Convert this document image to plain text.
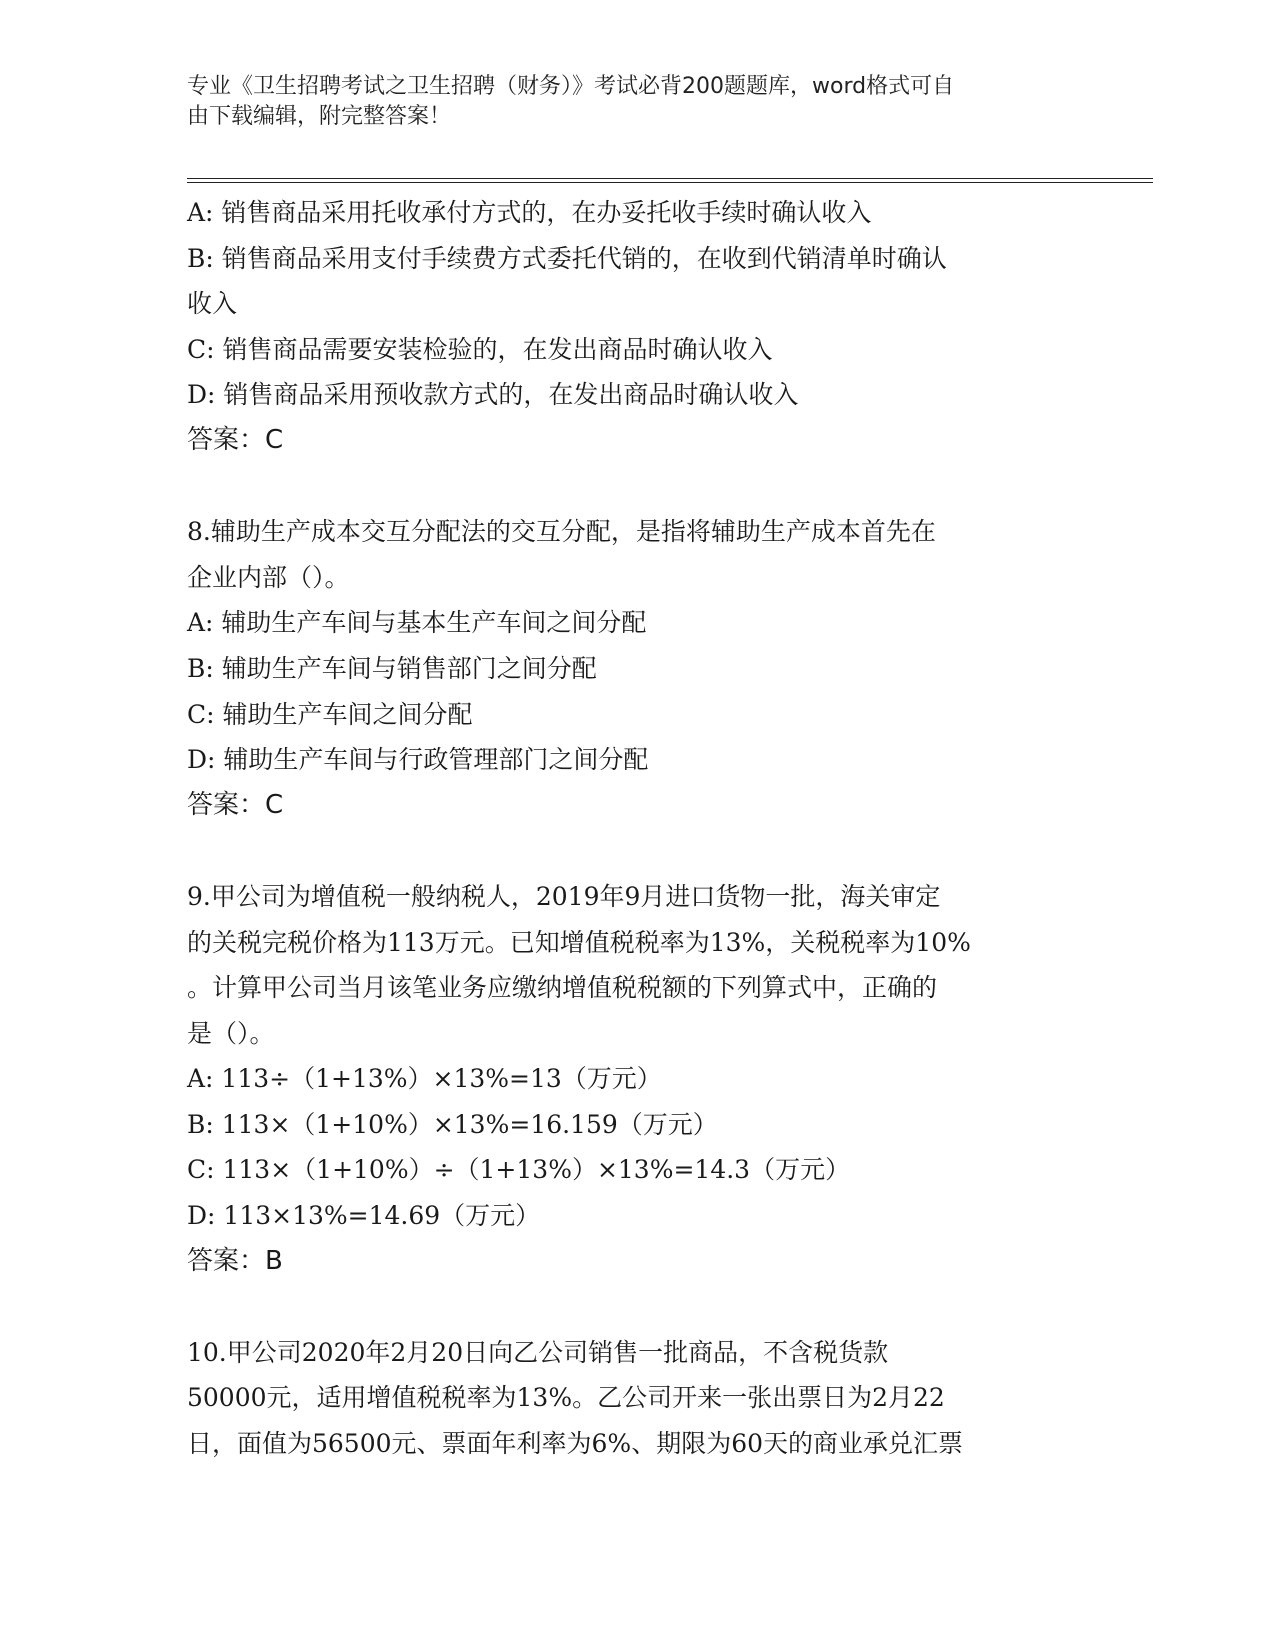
专业《卫生招聘考试之卫生招聘（财务）》考试必背200题题库，word格式可自
由下载编辑，附完整答案！
A: 销售商品采用托收承付方式的，在办妥托收手续时确认收入
B: 销售商品采用支付手续费方式委托代销的，在收到代销清单时确认
收入
C: 销售商品需要安装检验的，在发出商品时确认收入
D: 销售商品采用预收款方式的，在发出商品时确认收入
答案：C
8.辅助生产成本交互分配法的交互分配，是指将辅助生产成本首先在
企业内部（）。
A: 辅助生产车间与基本生产车间之间分配
B: 辅助生产车间与销售部门之间分配
C: 辅助生产车间之间分配
D: 辅助生产车间与行政管理部门之间分配
答案：C
9.甲公司为增值税一般纳税人，2019年9月进口货物一批，海关审定
的关税完税价格为113万元。已知增值税税率为13%，关税税率为10%
。计算甲公司当月该笔业务应缴纳增值税税额的下列算式中，正确的
是（）。
A: 113÷（1+13%）×13%=13（万元）
B: 113×（1+10%）×13%=16.159（万元）
C: 113×（1+10%）÷（1+13%）×13%=14.3（万元）
D: 113×13%=14.69（万元）
答案：B
10.甲公司2020年2月20日向乙公司销售一批商品，不含税货款
50000元，适用增值税税率为13%。乙公司开来一张出票日为2月22
日，面值为56500元、票面年利率为6%、期限为60天的商业承兑汇票
